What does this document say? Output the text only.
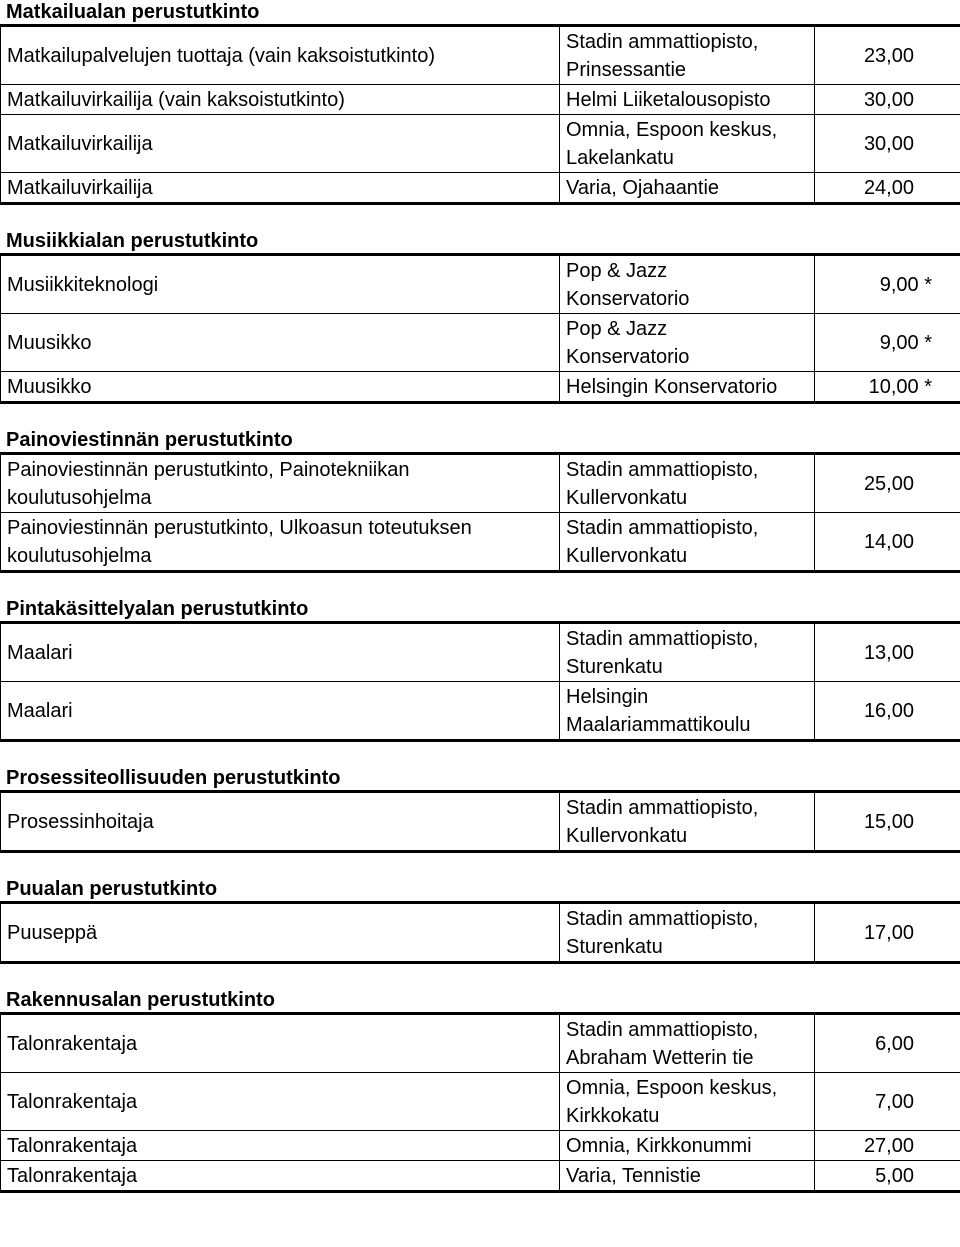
Matkailualan perustutkinto
Matkailupalvelujen tuottaja (vain kaksoistutkinto)	Stadin ammattiopisto,
Prinsessantie	23,00
Matkailuvirkailija (vain kaksoistutkinto)	Helmi Liiketalousopisto	30,00
Matkailuvirkailija	Omnia, Espoon keskus,
Lakelankatu	30,00
Matkailuvirkailija	Varia, Ojahaantie	24,00
Musiikkialan perustutkinto
Musiikkiteknologi	Pop & Jazz
Konservatorio	9,00 *
Muusikko	Pop & Jazz
Konservatorio	9,00 *
Muusikko	Helsingin Konservatorio	10,00 *
Painoviestinnän perustutkinto
Painoviestinnän perustutkinto, Painotekniikan
koulutusohjelma	Stadin ammattiopisto,
Kullervonkatu	25,00
Painoviestinnän perustutkinto, Ulkoasun toteutuksen
koulutusohjelma	Stadin ammattiopisto,
Kullervonkatu	14,00
Pintakäsittelyalan perustutkinto
Maalari	Stadin ammattiopisto,
Sturenkatu	13,00
Maalari	Helsingin
Maalariammattikoulu	16,00
Prosessiteollisuuden perustutkinto
Prosessinhoitaja	Stadin ammattiopisto,
Kullervonkatu	15,00
Puualan perustutkinto
Puuseppä	Stadin ammattiopisto,
Sturenkatu	17,00
Rakennusalan perustutkinto
Talonrakentaja	Stadin ammattiopisto,
Abraham Wetterin tie	6,00
Talonrakentaja	Omnia, Espoon keskus,
Kirkkokatu	7,00
Talonrakentaja	Omnia, Kirkkonummi	27,00
Talonrakentaja	Varia, Tennistie	5,00
